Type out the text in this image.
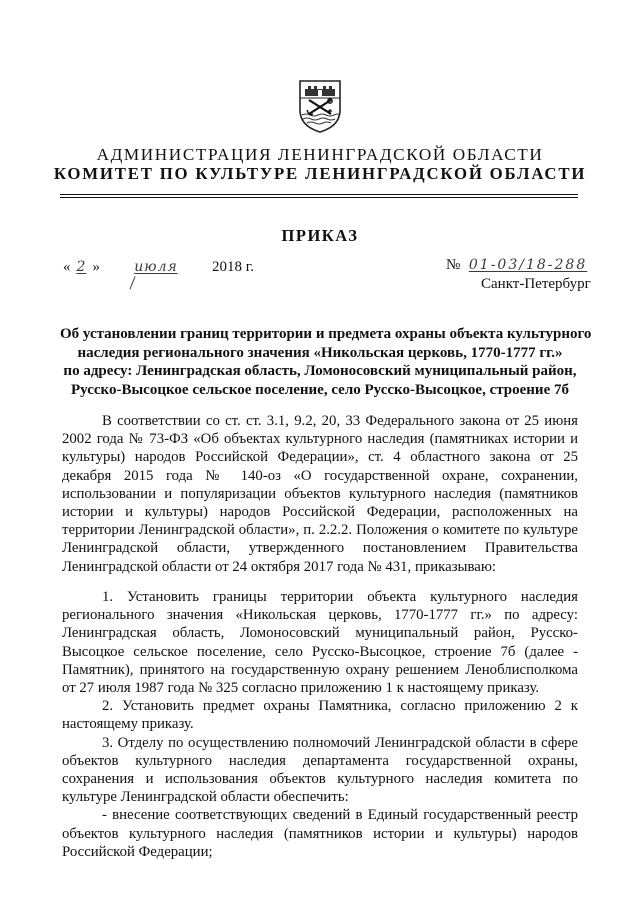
АДМИНИСТРАЦИЯ ЛЕНИНГРАДСКОЙ ОБЛАСТИ
КОМИТЕТ ПО КУЛЬТУРЕ ЛЕНИНГРАДСКОЙ ОБЛАСТИ
ПРИКАЗ
« 2 » июля 2018 г.	№ 01-03/18-288
Санкт-Петербург
Об установлении границ территории и предмета охраны объекта культурного
наследия регионального значения «Никольская церковь, 1770-1777 гг.»
по адресу: Ленинградская область, Ломоносовский муниципальный район,
Русско-Высоцкое сельское поселение, село Русско-Высоцкое, строение 7б

В соответствии со ст. ст. 3.1, 9.2, 20, 33 Федерального закона от 25 июня 2002 года № 73-ФЗ «Об объектах культурного наследия (памятниках истории и культуры) народов Российской Федерации», ст. 4 областного закона от 25 декабря 2015 года № 140-оз «О государственной охране, сохранении, использовании и популяризации объектов культурного наследия (памятников истории и культуры) народов Российской Федерации, расположенных на территории Ленинградской области», п. 2.2.2. Положения о комитете по культуре Ленинградской области, утвержденного постановлением Правительства Ленинградской области от 24 октября 2017 года № 431, приказываю:

1. Установить границы территории объекта культурного наследия регионального значения «Никольская церковь, 1770-1777 гг.» по адресу: Ленинградская область, Ломоносовский муниципальный район, Русско-Высоцкое сельское поселение, село Русско-Высоцкое, строение 7б (далее - Памятник), принятого на государственную охрану решением Леноблисполкома от 27 июля 1987 года № 325 согласно приложению 1 к настоящему приказу.

2. Установить предмет охраны Памятника, согласно приложению 2 к настоящему приказу.

3. Отделу по осуществлению полномочий Ленинградской области в сфере объектов культурного наследия департамента государственной охраны, сохранения и использования объектов культурного наследия комитета по культуре Ленинградской области обеспечить:

- внесение соответствующих сведений в Единый государственный реестр объектов культурного наследия (памятников истории и культуры) народов Российской Федерации;
